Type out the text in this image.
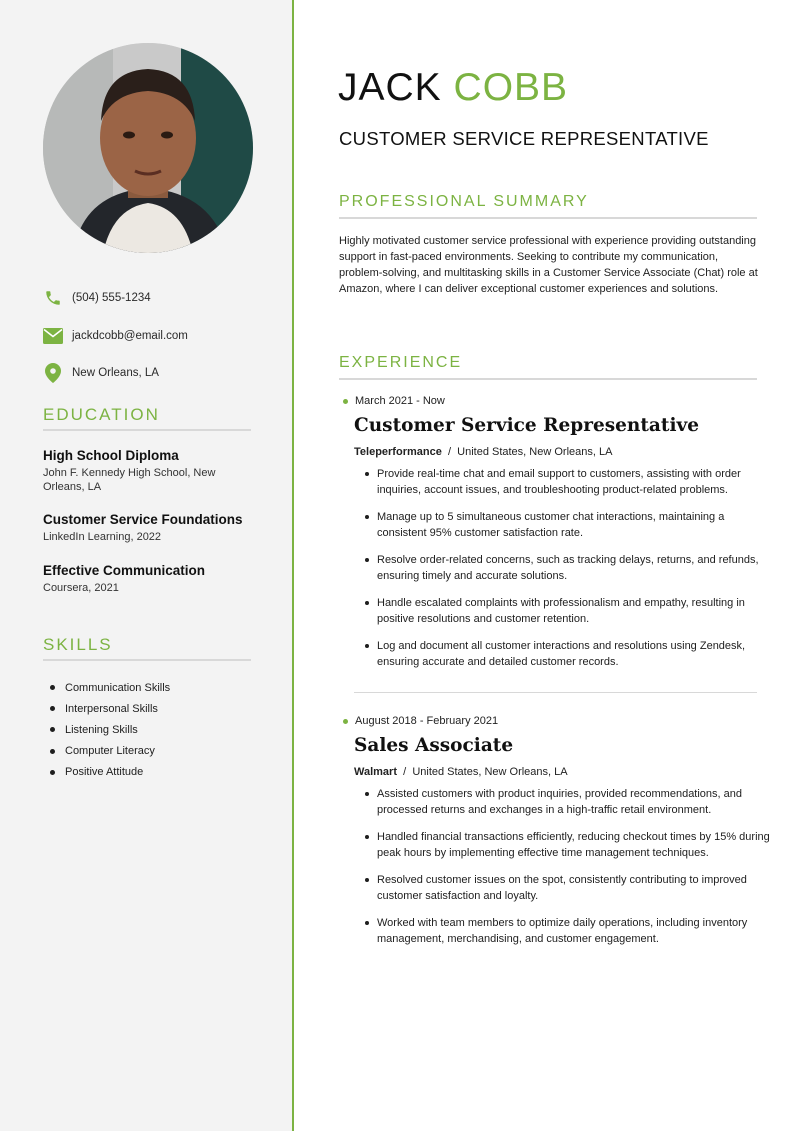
(504) 555-1234
jackdcobb@email.com
New Orleans, LA
EDUCATION
High School Diploma
John F. Kennedy High School, New Orleans, LA
Customer Service Foundations
LinkedIn Learning, 2022
Effective Communication
Coursera, 2021
SKILLS
Communication Skills
Interpersonal Skills
Listening Skills
Computer Literacy
Positive Attitude
JACK COBB
CUSTOMER SERVICE REPRESENTATIVE
PROFESSIONAL SUMMARY

Highly motivated customer service professional with experience providing outstanding support in fast-paced environments. Seeking to contribute my communication, problem-solving, and multitasking skills in a Customer Service Associate (Chat) role at Amazon, where I can deliver exceptional customer experiences and solutions.

EXPERIENCE
March 2021 - Now
Customer Service Representative
Teleperformance / United States, New Orleans, LA
Provide real-time chat and email support to customers, assisting with order inquiries, account issues, and troubleshooting product-related problems.
Manage up to 5 simultaneous customer chat interactions, maintaining a consistent 95% customer satisfaction rate.
Resolve order-related concerns, such as tracking delays, returns, and refunds, ensuring timely and accurate solutions.
Handle escalated complaints with professionalism and empathy, resulting in positive resolutions and customer retention.
Log and document all customer interactions and resolutions using Zendesk, ensuring accurate and detailed customer records.
August 2018 - February 2021
Sales Associate
Walmart / United States, New Orleans, LA
Assisted customers with product inquiries, provided recommendations, and processed returns and exchanges in a high-traffic retail environment.
Handled financial transactions efficiently, reducing checkout times by 15% during peak hours by implementing effective time management techniques.
Resolved customer issues on the spot, consistently contributing to improved customer satisfaction and loyalty.
Worked with team members to optimize daily operations, including inventory management, merchandising, and customer engagement.
